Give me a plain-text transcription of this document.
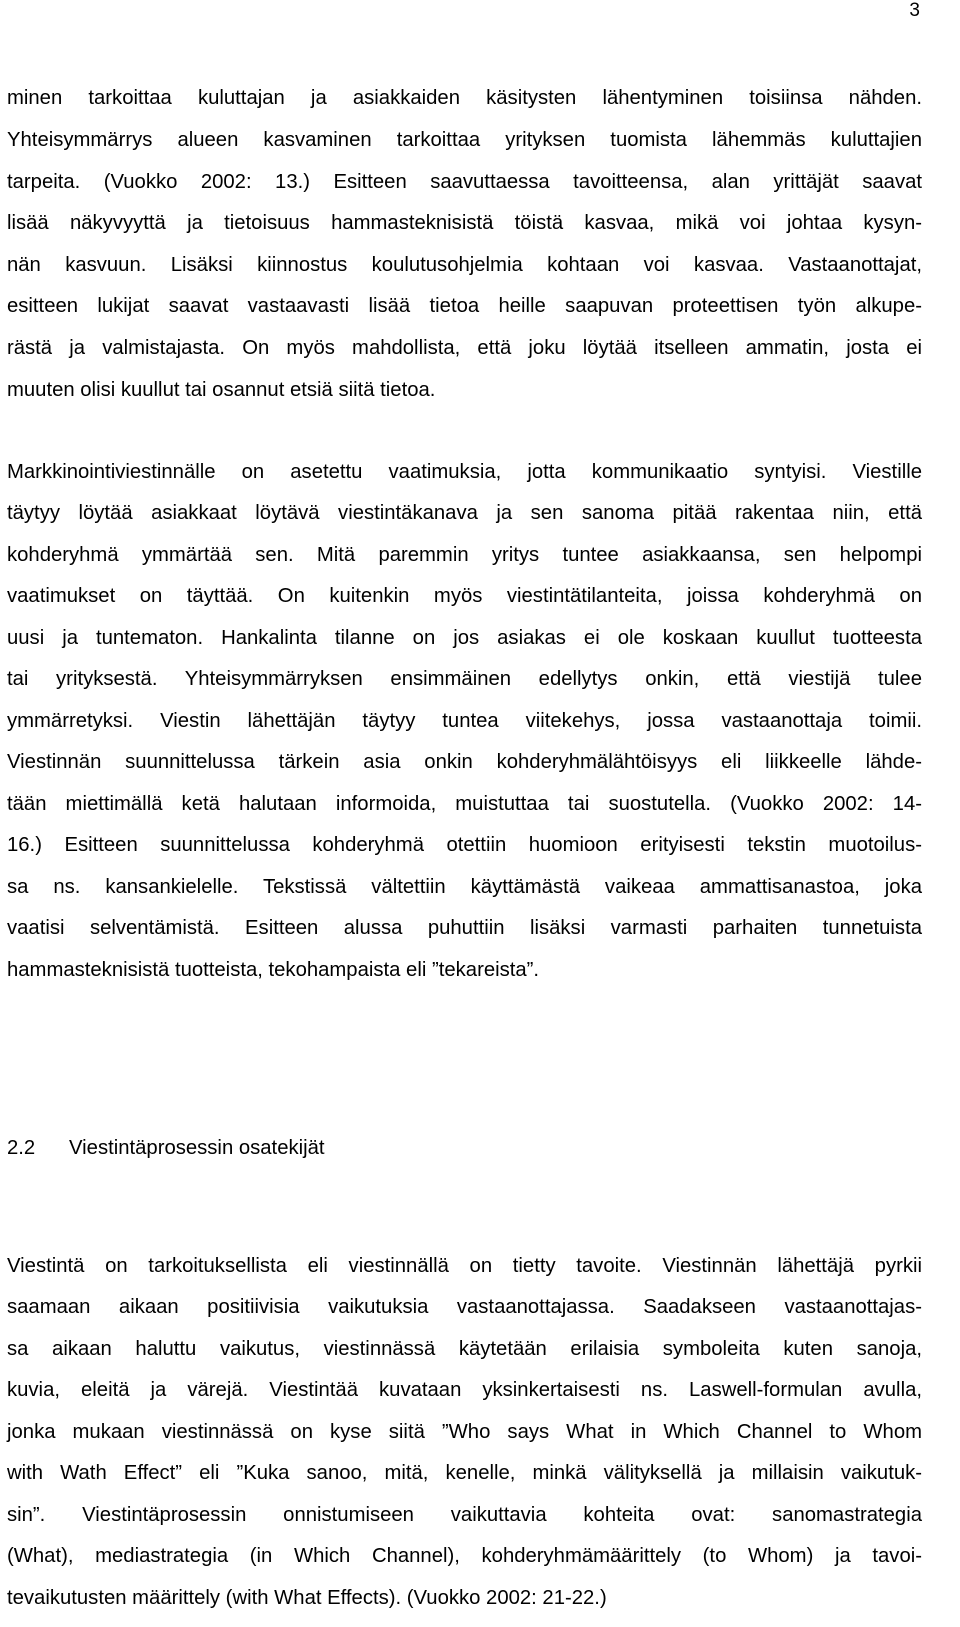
3
minen tarkoittaa kuluttajan ja asiakkaiden käsitysten lähentyminen toisiinsa nähden.
Yhteisymmärrys alueen kasvaminen tarkoittaa yrityksen tuomista lähemmäs kuluttajien
tarpeita. (Vuokko 2002: 13.) Esitteen saavuttaessa tavoitteensa, alan yrittäjät saavat
lisää näkyvyyttä ja tietoisuus hammasteknisistä töistä kasvaa, mikä voi johtaa kysyn-
nän kasvuun. Lisäksi kiinnostus koulutusohjelmia kohtaan voi kasvaa. Vastaanottajat,
esitteen lukijat saavat vastaavasti lisää tietoa heille saapuvan proteettisen työn alkupe-
rästä ja valmistajasta. On myös mahdollista, että joku löytää itselleen ammatin, josta ei
muuten olisi kuullut tai osannut etsiä siitä tietoa.
Markkinointiviestinnälle on asetettu vaatimuksia, jotta kommunikaatio syntyisi. Viestille
täytyy löytää asiakkaat löytävä viestintäkanava ja sen sanoma pitää rakentaa niin, että
kohderyhmä ymmärtää sen. Mitä paremmin yritys tuntee asiakkaansa, sen helpompi
vaatimukset on täyttää. On kuitenkin myös viestintätilanteita, joissa kohderyhmä on
uusi ja tuntematon. Hankalinta tilanne on jos asiakas ei ole koskaan kuullut tuotteesta
tai yrityksestä. Yhteisymmärryksen ensimmäinen edellytys onkin, että viestijä tulee
ymmärretyksi. Viestin lähettäjän täytyy tuntea viitekehys, jossa vastaanottaja toimii.
Viestinnän suunnittelussa tärkein asia onkin kohderyhmälähtöisyys eli liikkeelle lähde-
tään miettimällä ketä halutaan informoida, muistuttaa tai suostutella. (Vuokko 2002: 14-
16.) Esitteen suunnittelussa kohderyhmä otettiin huomioon erityisesti tekstin muotoilus-
sa ns. kansankielelle. Tekstissä vältettiin käyttämästä vaikeaa ammattisanastoa, joka
vaatisi selventämistä. Esitteen alussa puhuttiin lisäksi varmasti parhaiten tunnetuista
hammasteknisistä tuotteista, tekohampaista eli ”tekareista”.
2.2 Viestintäprosessin osatekijät
Viestintä on tarkoituksellista eli viestinnällä on tietty tavoite. Viestinnän lähettäjä pyrkii
saamaan aikaan positiivisia vaikutuksia vastaanottajassa. Saadakseen vastaanottajas-
sa aikaan haluttu vaikutus, viestinnässä käytetään erilaisia symboleita kuten sanoja,
kuvia, eleitä ja värejä. Viestintää kuvataan yksinkertaisesti ns. Laswell-formulan avulla,
jonka mukaan viestinnässä on kyse siitä ”Who says What in Which Channel to Whom
with Wath Effect” eli ”Kuka sanoo, mitä, kenelle, minkä välityksellä ja millaisin vaikutuk-
sin”. Viestintäprosessin onnistumiseen vaikuttavia kohteita ovat: sanomastrategia
(What), mediastrategia (in Which Channel), kohderyhmämäärittely (to Whom) ja tavoi-
tevaikutusten määrittely (with What Effects). (Vuokko 2002: 21-22.)
